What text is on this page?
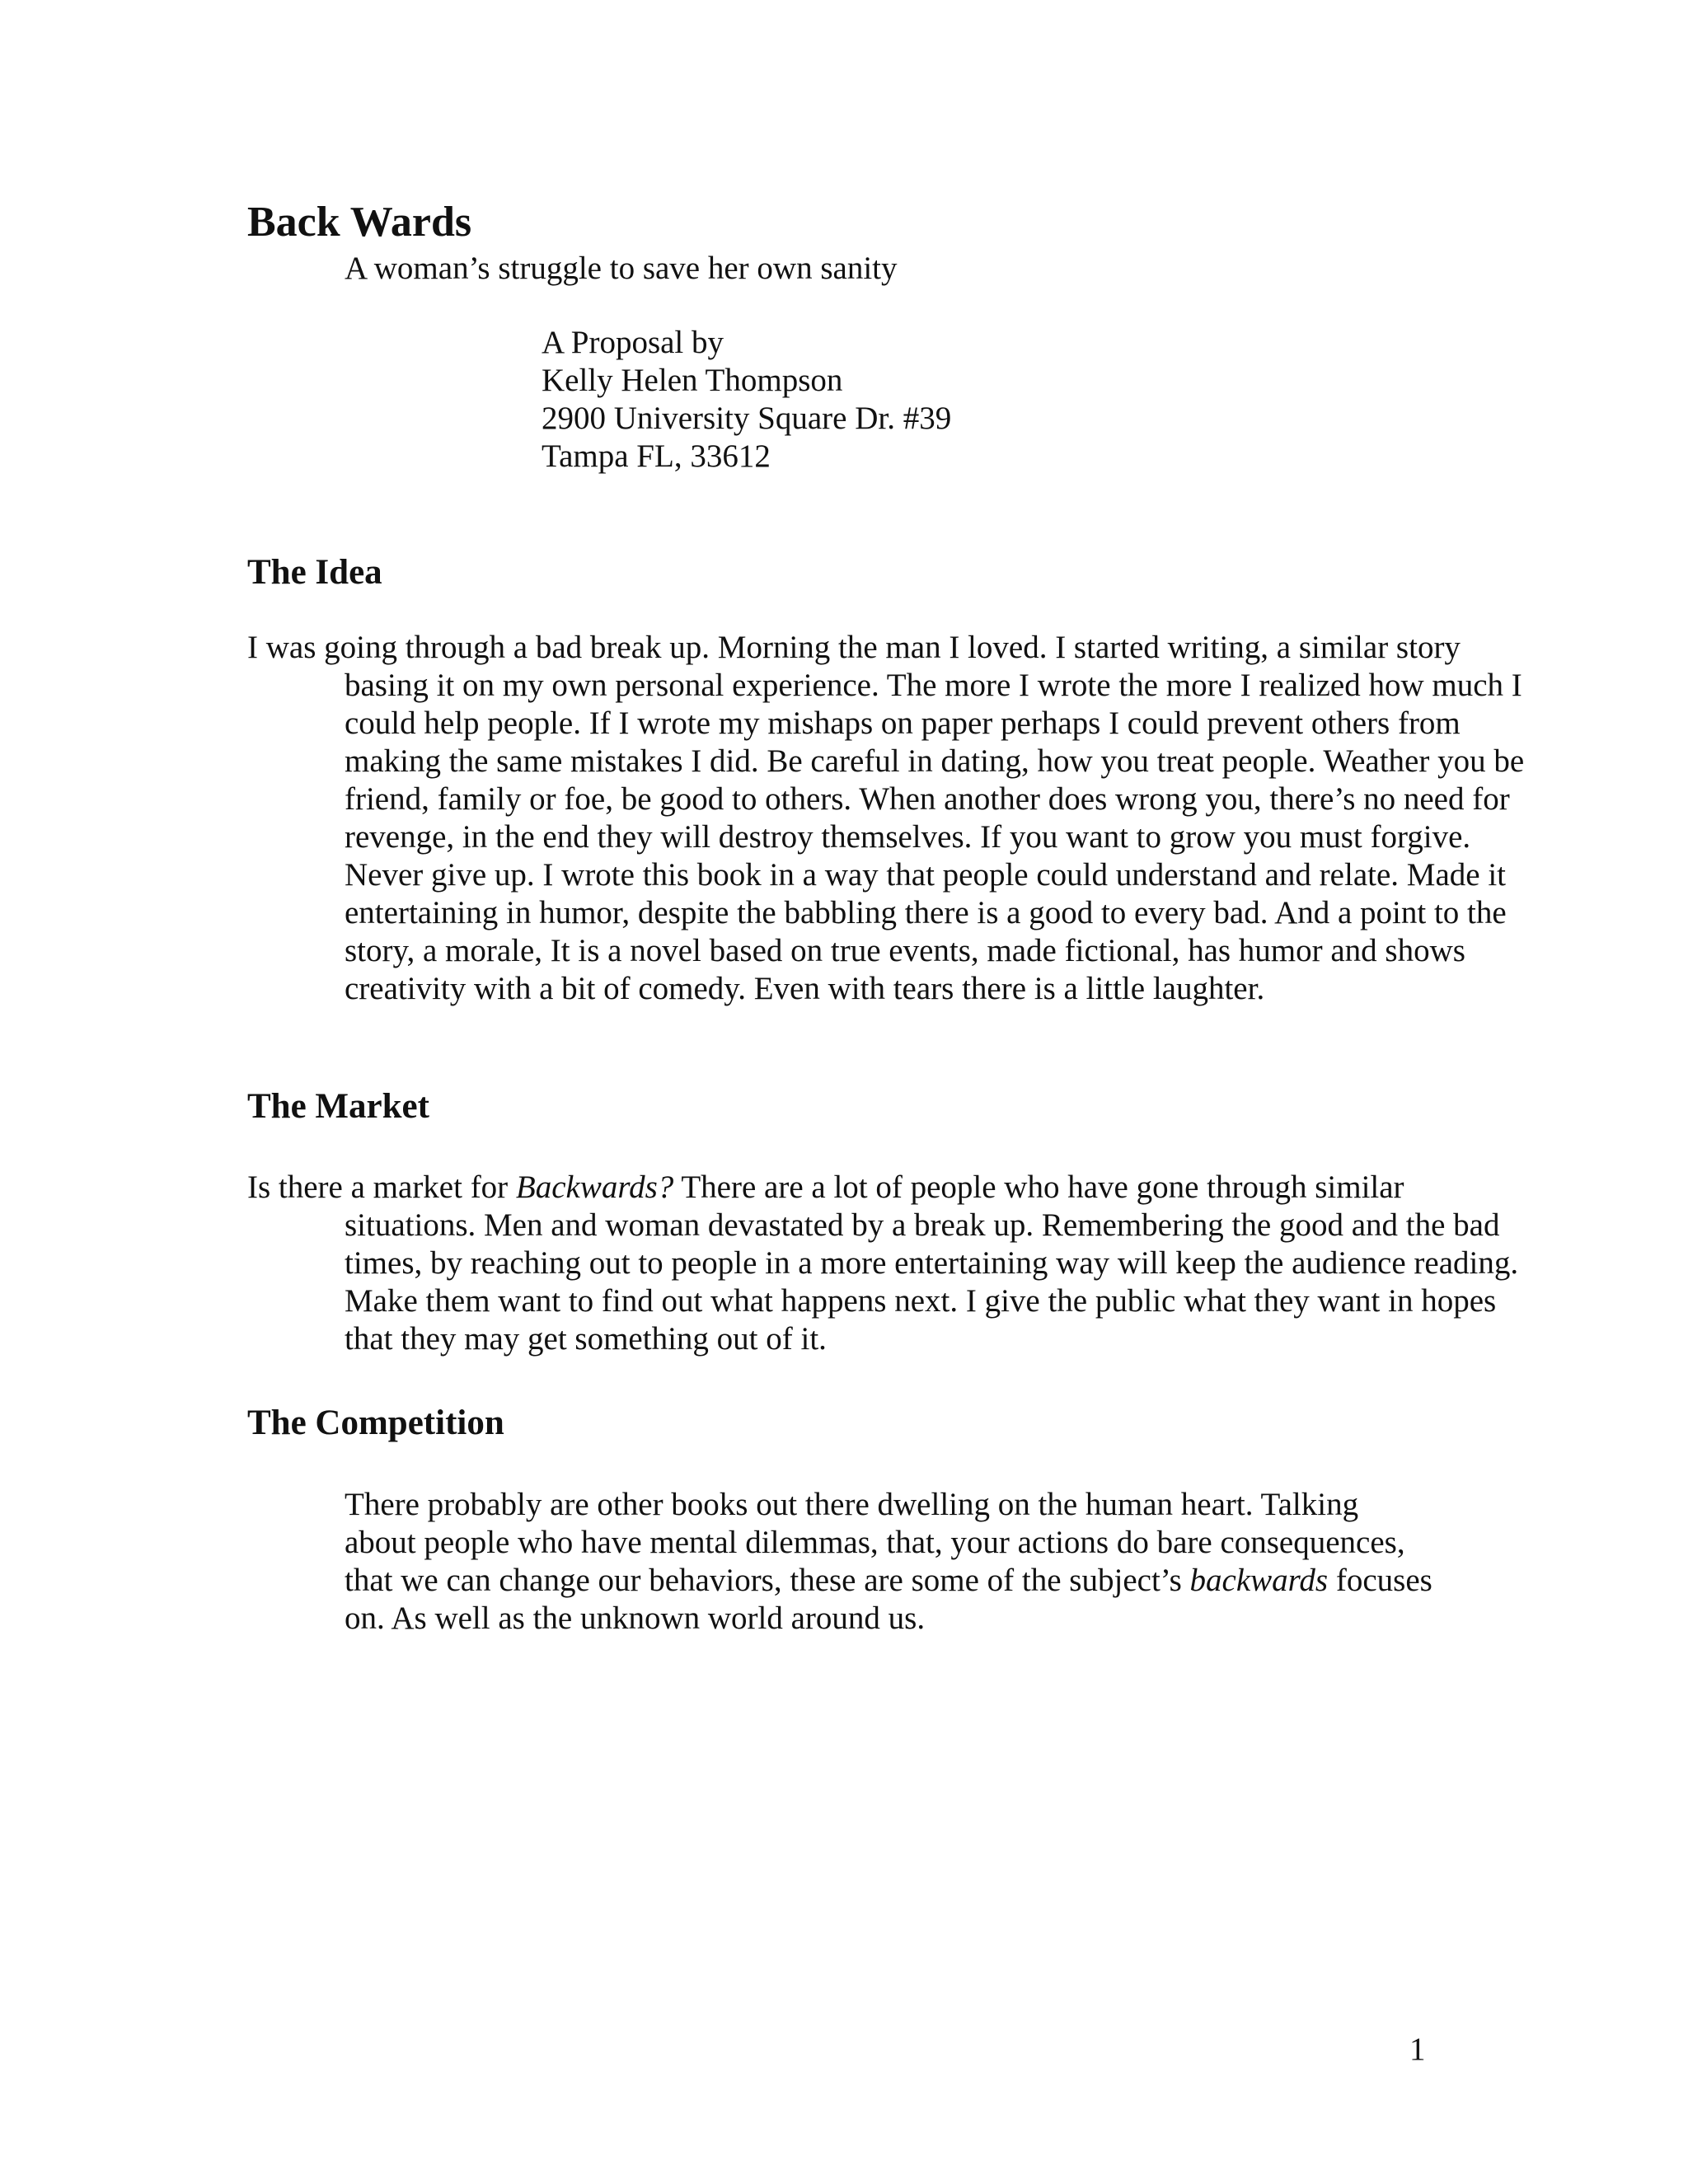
Back Wards

A woman’s struggle to save her own sanity

A Proposal by
Kelly Helen Thompson
2900 University Square Dr. #39
Tampa FL, 33612
The Idea

I was going through a bad break up. Morning the man I loved. I started writing, a similar story basing it on my own personal experience. The more I wrote the more I realized how much I could help people. If I wrote my mishaps on paper perhaps I could prevent others from making the same mistakes I did. Be careful in dating, how you treat people. Weather you be friend, family or foe, be good to others. When another does wrong you, there’s no need for revenge, in the end they will destroy themselves. If you want to grow you must forgive. Never give up. I wrote this book in a way that people could understand and relate. Made it entertaining in humor, despite the babbling there is a good to every bad. And a point to the story, a morale, It is a novel based on true events, made fictional, has humor and shows creativity with a bit of comedy. Even with tears there is a little laughter.

The Market

Is there a market for Backwards? There are a lot of people who have gone through similar situations. Men and woman devastated by a break up. Remembering the good and the bad times, by reaching out to people in a more entertaining way will keep the audience reading. Make them want to find out what happens next. I give the public what they want in hopes that they may get something out of it.

The Competition

There probably are other books out there dwelling on the human heart. Talking about people who have mental dilemmas, that, your actions do bare consequences, that we can change our behaviors, these are some of the subject’s backwards focuses on. As well as the unknown world around us.

1
